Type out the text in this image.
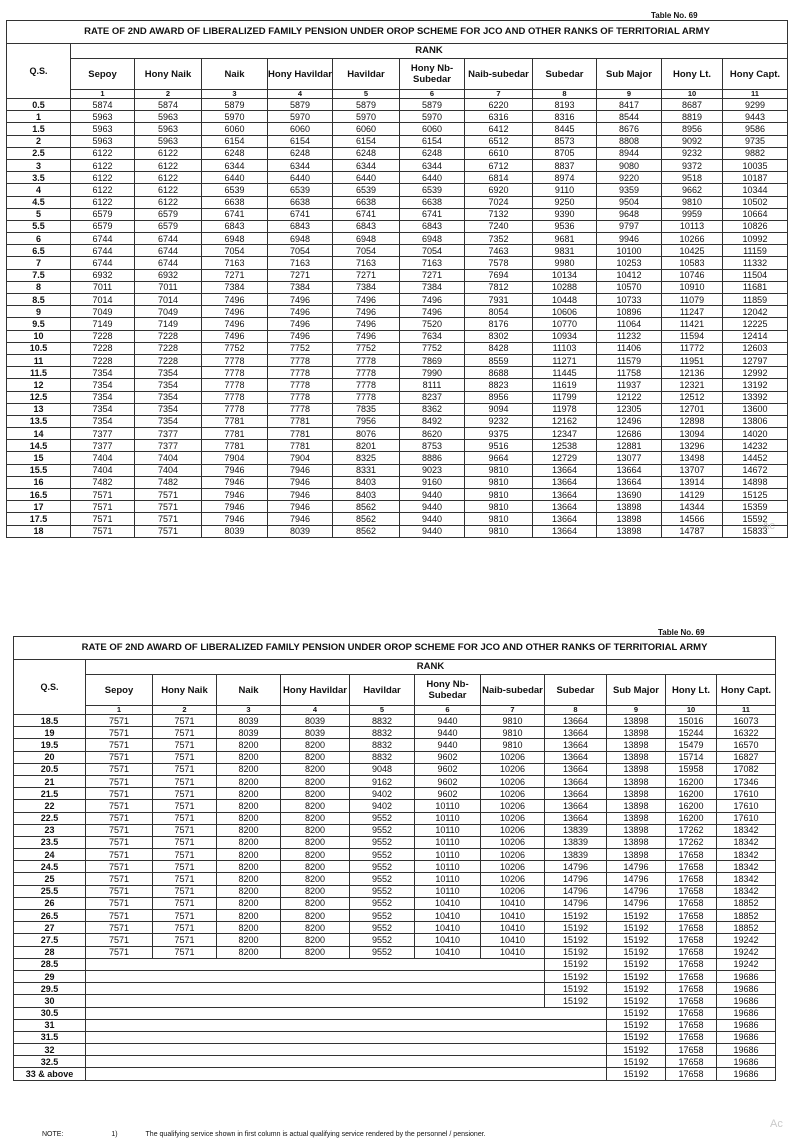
Table No. 69
RATE OF 2ND AWARD OF LIBERALIZED FAMILY PENSION UNDER OROP SCHEME FOR JCO AND OTHER RANKS OF TERRITORIAL ARMY											
Q.S.	RANK										
	Sepoy	Hony Naik	Naik	Hony Havildar	Havildar	Hony Nb-Subedar	Naib-subedar	Subedar	Sub Major	Hony Lt.	Hony Capt.
	1	2	3	4	5	6	7	8	9	10	11
0.5	5874	5874	5879	5879	5879	5879	6220	8193	8417	8687	9299
1	5963	5963	5970	5970	5970	5970	6316	8316	8544	8819	9443
1.5	5963	5963	6060	6060	6060	6060	6412	8445	8676	8956	9586
2	5963	5963	6154	6154	6154	6154	6512	8573	8808	9092	9735
2.5	6122	6122	6248	6248	6248	6248	6610	8705	8944	9232	9882
3	6122	6122	6344	6344	6344	6344	6712	8837	9080	9372	10035
3.5	6122	6122	6440	6440	6440	6440	6814	8974	9220	9518	10187
4	6122	6122	6539	6539	6539	6539	6920	9110	9359	9662	10344
4.5	6122	6122	6638	6638	6638	6638	7024	9250	9504	9810	10502
5	6579	6579	6741	6741	6741	6741	7132	9390	9648	9959	10664
5.5	6579	6579	6843	6843	6843	6843	7240	9536	9797	10113	10826
6	6744	6744	6948	6948	6948	6948	7352	9681	9946	10266	10992
6.5	6744	6744	7054	7054	7054	7054	7463	9831	10100	10425	11159
7	6744	6744	7163	7163	7163	7163	7578	9980	10253	10583	11332
7.5	6932	6932	7271	7271	7271	7271	7694	10134	10412	10746	11504
8	7011	7011	7384	7384	7384	7384	7812	10288	10570	10910	11681
8.5	7014	7014	7496	7496	7496	7496	7931	10448	10733	11079	11859
9	7049	7049	7496	7496	7496	7496	8054	10606	10896	11247	12042
9.5	7149	7149	7496	7496	7496	7520	8176	10770	11064	11421	12225
10	7228	7228	7496	7496	7496	7634	8302	10934	11232	11594	12414
10.5	7228	7228	7752	7752	7752	7752	8428	11103	11406	11772	12603
11	7228	7228	7778	7778	7778	7869	8559	11271	11579	11951	12797
11.5	7354	7354	7778	7778	7778	7990	8688	11445	11758	12136	12992
12	7354	7354	7778	7778	7778	8111	8823	11619	11937	12321	13192
12.5	7354	7354	7778	7778	7778	8237	8956	11799	12122	12512	13392
13	7354	7354	7778	7778	7835	8362	9094	11978	12305	12701	13600
13.5	7354	7354	7781	7781	7956	8492	9232	12162	12496	12898	13806
14	7377	7377	7781	7781	8076	8620	9375	12347	12686	13094	14020
14.5	7377	7377	7781	7781	8201	8753	9516	12538	12881	13296	14232
15	7404	7404	7904	7904	8325	8886	9664	12729	13077	13498	14452
15.5	7404	7404	7946	7946	8331	9023	9810	13664	13664	13707	14672
16	7482	7482	7946	7946	8403	9160	9810	13664	13664	13914	14898
16.5	7571	7571	7946	7946	8403	9440	9810	13664	13690	14129	15125
17	7571	7571	7946	7946	8562	9440	9810	13664	13898	14344	15359
17.5	7571	7571	7946	7946	8562	9440	9810	13664	13898	14566	15592
18	7571	7571	8039	8039	8562	9440	9810	13664	13898	14787	15833
Table No. 69
RATE OF 2ND AWARD OF LIBERALIZED FAMILY PENSION UNDER OROP SCHEME FOR JCO AND OTHER RANKS OF TERRITORIAL ARMY											
Q.S.	RANK										
	Sepoy	Hony Naik	Naik	Hony Havildar	Havildar	Hony Nb-Subedar	Naib-subedar	Subedar	Sub Major	Hony Lt.	Hony Capt.
	1	2	3	4	5	6	7	8	9	10	11
18.5	7571	7571	8039	8039	8832	9440	9810	13664	13898	15016	16073
19	7571	7571	8039	8039	8832	9440	9810	13664	13898	15244	16322
19.5	7571	7571	8200	8200	8832	9440	9810	13664	13898	15479	16570
20	7571	7571	8200	8200	8832	9602	10206	13664	13898	15714	16827
20.5	7571	7571	8200	8200	9048	9602	10206	13664	13898	15958	17082
21	7571	7571	8200	8200	9162	9602	10206	13664	13898	16200	17346
21.5	7571	7571	8200	8200	9402	9602	10206	13664	13898	16200	17610
22	7571	7571	8200	8200	9402	10110	10206	13664	13898	16200	17610
22.5	7571	7571	8200	8200	9552	10110	10206	13664	13898	16200	17610
23	7571	7571	8200	8200	9552	10110	10206	13839	13898	17262	18342
23.5	7571	7571	8200	8200	9552	10110	10206	13839	13898	17262	18342
24	7571	7571	8200	8200	9552	10110	10206	13839	13898	17658	18342
24.5	7571	7571	8200	8200	9552	10110	10206	14796	14796	17658	18342
25	7571	7571	8200	8200	9552	10110	10206	14796	14796	17658	18342
25.5	7571	7571	8200	8200	9552	10110	10206	14796	14796	17658	18342
26	7571	7571	8200	8200	9552	10410	10410	14796	14796	17658	18852
26.5	7571	7571	8200	8200	9552	10410	10410	15192	15192	17658	18852
27	7571	7571	8200	8200	9552	10410	10410	15192	15192	17658	18852
27.5	7571	7571	8200	8200	9552	10410	10410	15192	15192	17658	19242
28	7571	7571	8200	8200	9552	10410	10410	15192	15192	17658	19242
28.5								15192	15192	17658	19242
29								15192	15192	17658	19686
29.5								15192	15192	17658	19686
30								15192	15192	17658	19686
30.5									15192	17658	19686
31									15192	17658	19686
31.5									15192	17658	19686
32									15192	17658	19686
32.5									15192	17658	19686
33 & above									15192	17658	19686
NOTE:	1)	The qualifying service shown in first column is actual qualifying service rendered by the personnel / pensioner.
Ac
Ac
